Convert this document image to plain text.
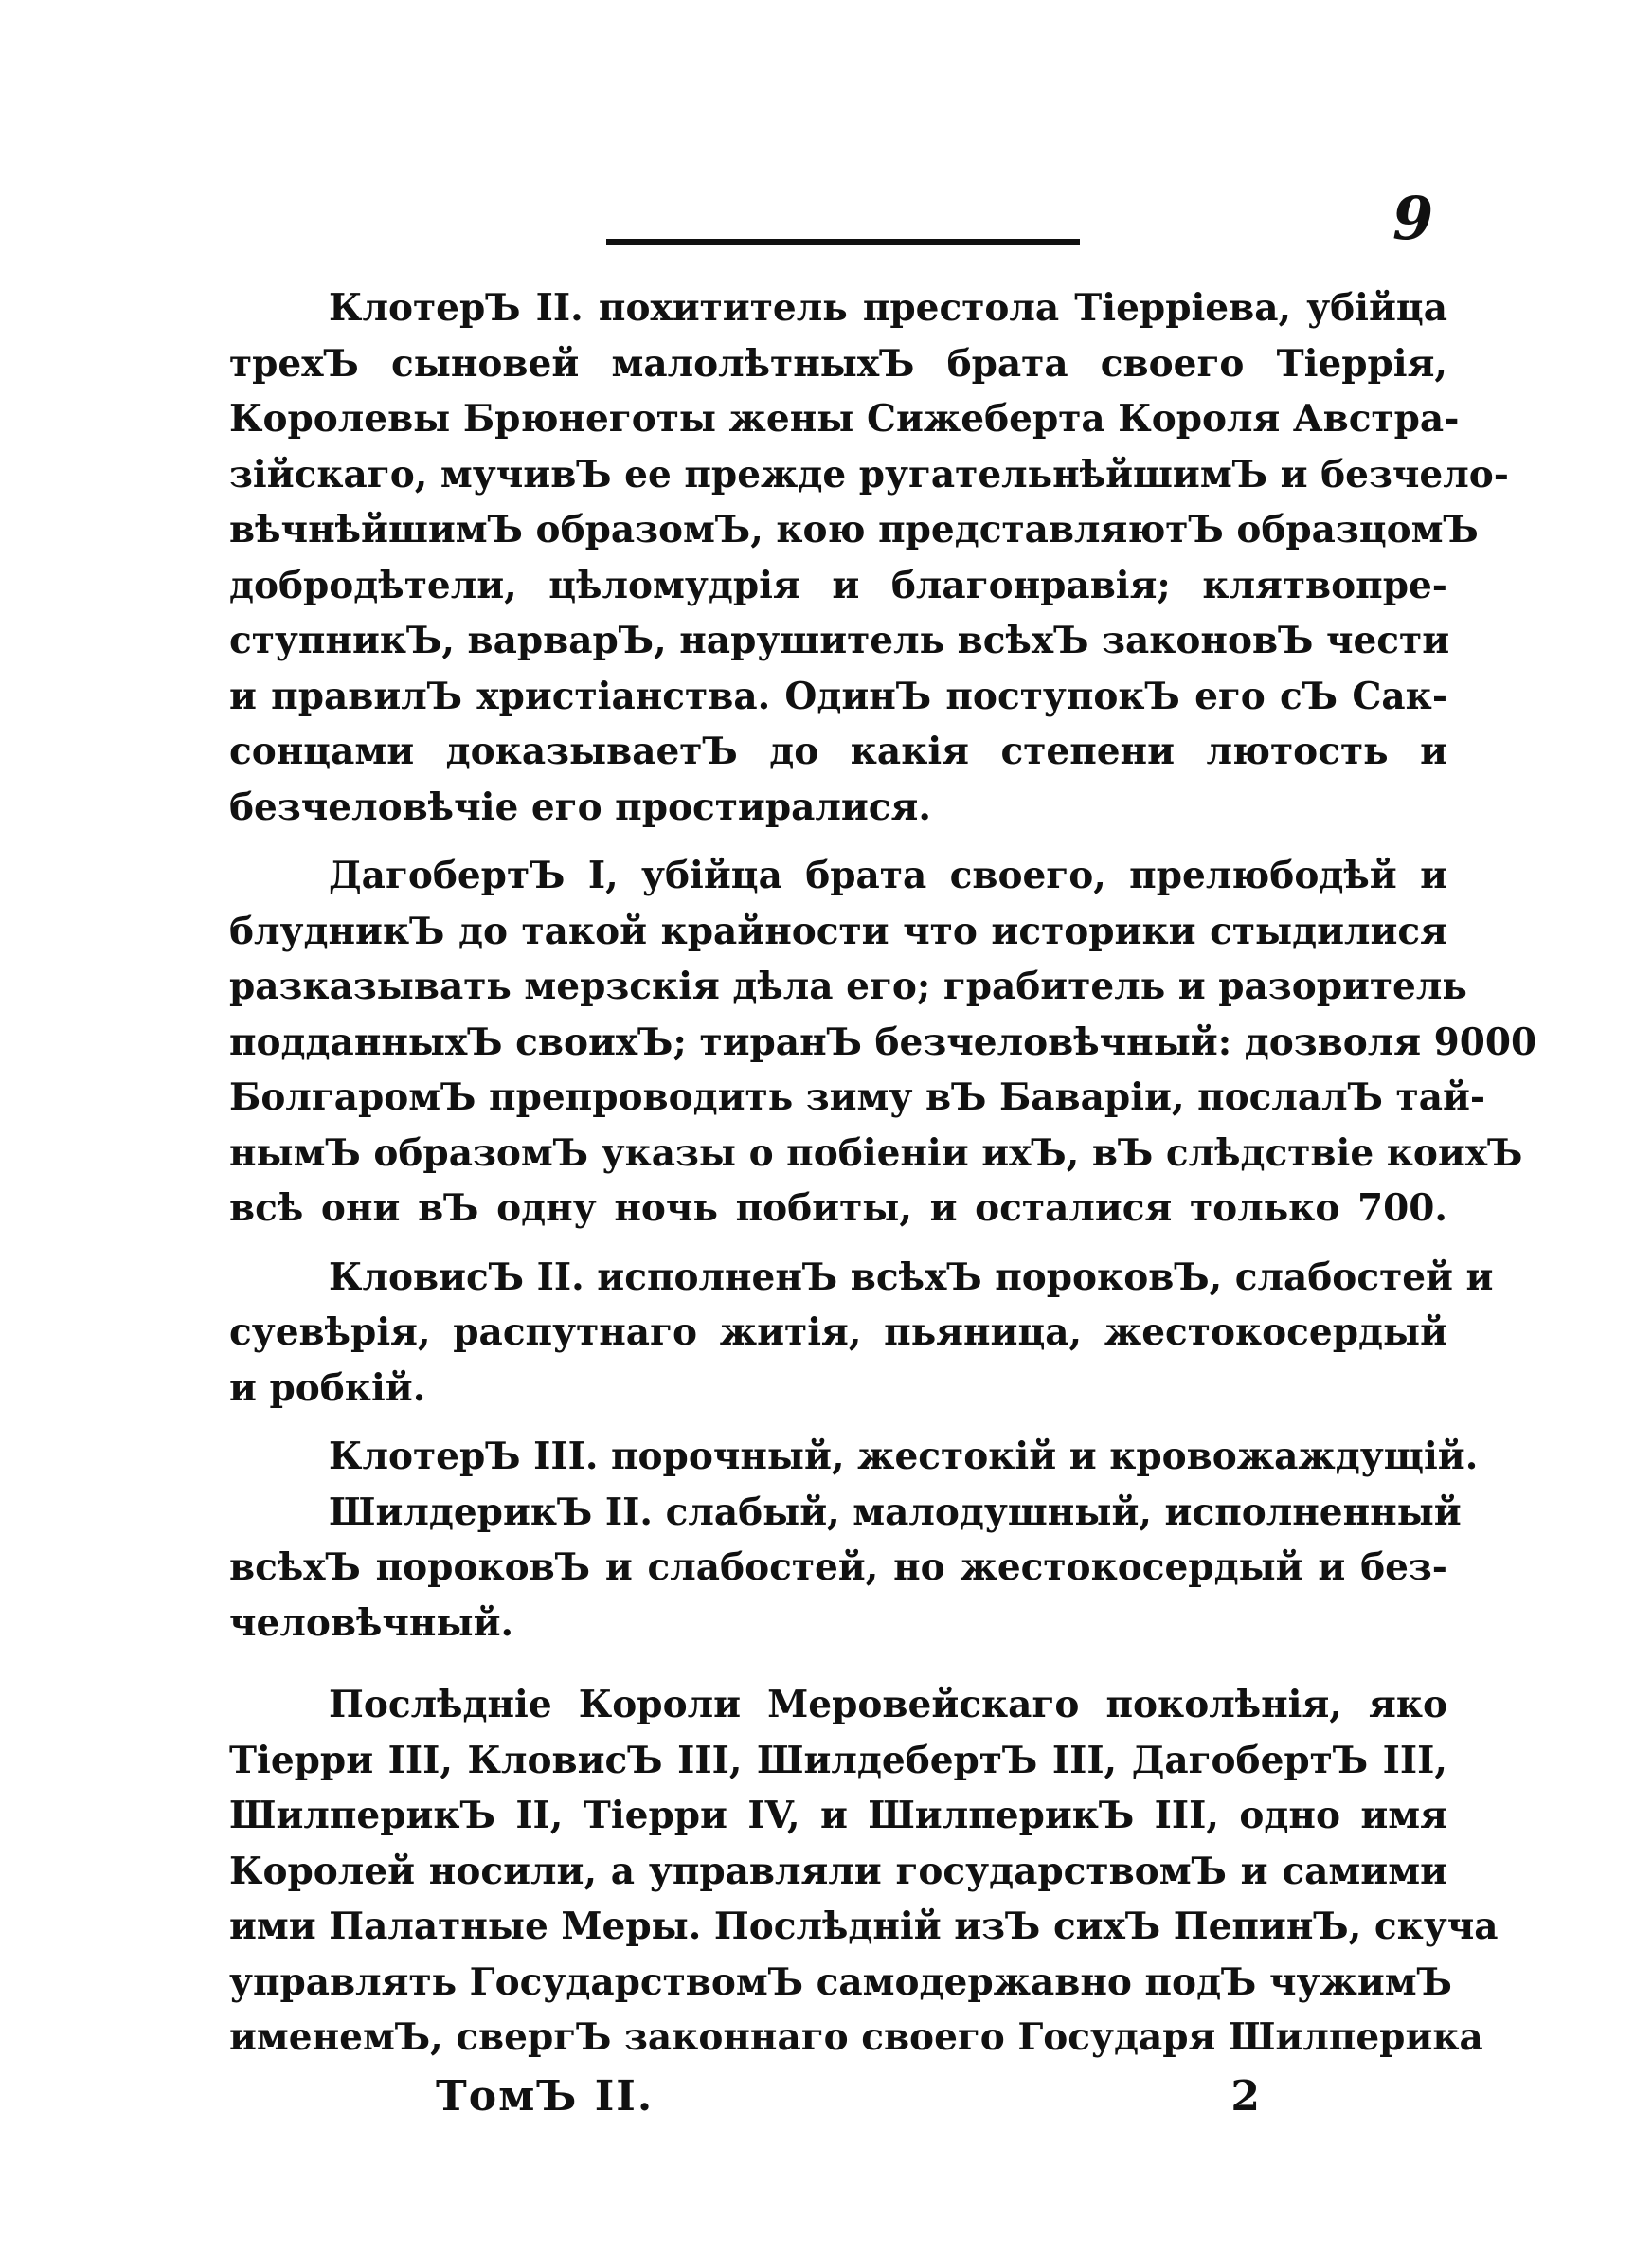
9
КлотерЪ II. похититель престола Тіерріева, убійца
трехЪ сыновей малолѣтныхЪ брата своего Тіеррія,
Королевы Брюнеготы жены Сижеберта Короля Австра-
зійскаго, мучивЪ ее прежде ругательнѣйшимЪ и безчело-
вѣчнѣйшимЪ образомЪ, кою представляютЪ образцомЪ
добродѣтели, цѣломудрія и благонравія; клятвопре-
ступникЪ, варварЪ, нарушитель всѣхЪ законовЪ чести
и правилЪ христіанства. ОдинЪ поступокЪ его сЪ Сак-
сонцами доказываетЪ до какія степени лютость и
безчеловѣчіе его простиралися.
ДагобертЪ I, убійца брата своего, прелюбодѣй и
блудникЪ до такой крайности что историки стыдилися
разказывать мерзскія дѣла его; грабитель и разоритель
подданныхЪ своихЪ; тиранЪ безчеловѣчный: дозволя 9000
БолгаромЪ препроводить зиму вЪ Баваріи, послалЪ тай-
нымЪ образомЪ указы о побіеніи ихЪ, вЪ слѣдствіе коихЪ
всѣ они вЪ одну ночь побиты, и осталися только 700.
КловисЪ II. исполненЪ всѣхЪ пороковЪ, слабостей и
суевѣрія, распутнаго житія, пьяница, жестокосердый
и робкій.
КлотерЪ III. порочный, жестокій и кровожаждущій.
ШилдерикЪ II. слабый, малодушный, исполненный
всѣхЪ пороковЪ и слабостей, но жестокосердый и без-
человѣчный.
Послѣдніе Короли Меровейскаго поколѣнія, яко
Тіерри III, КловисЪ III, ШилдебертЪ III, ДагобертЪ III,
ШилперикЪ II, Тіерри IV, и ШилперикЪ III, одно имя
Королей носили, а управляли государствомЪ и самими
ими Палатные Меры. Послѣдній изЪ сихЪ ПепинЪ, скуча
управлять ГосударствомЪ самодержавно подЪ чужимЪ
именемЪ, свергЪ законнаго своего Государя Шилперика
ТомЪ II.	2
